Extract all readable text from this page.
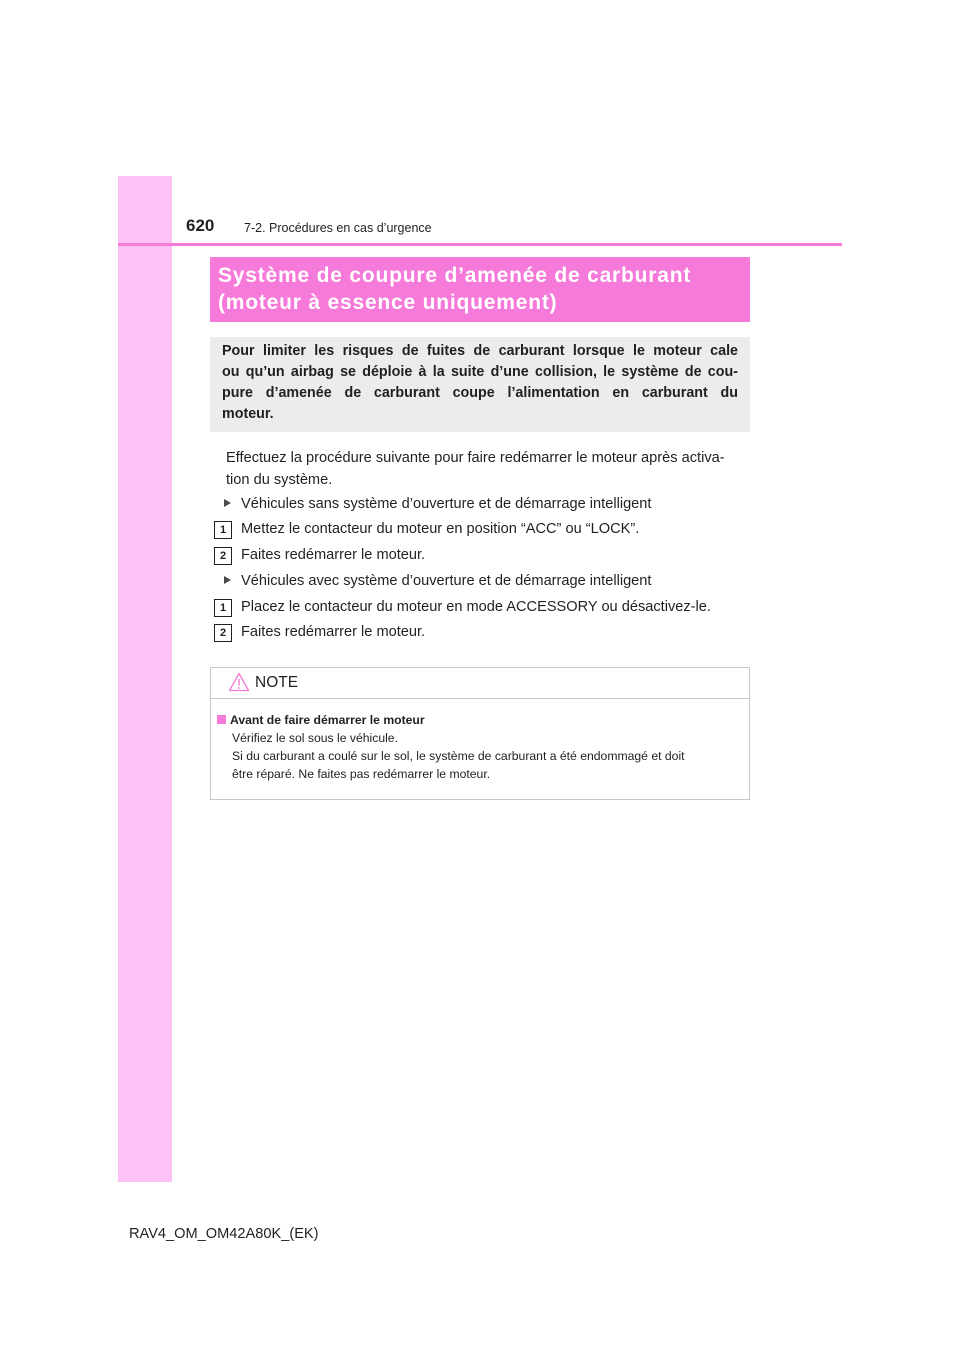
620 7-2. Procédures en cas d’urgence
Système de coupure d’amenée de carburant
(moteur à essence uniquement)
Pour limiter les risques de fuites de carburant lorsque le moteur cale
ou qu’un airbag se déploie à la suite d’une collision, le système de cou-
pure d’amenée de carburant coupe l’alimentation en carburant du
moteur.
Effectuez la procédure suivante pour faire redémarrer le moteur après activa-
tion du système.
Véhicules sans système d’ouverture et de démarrage intelligent
1 Mettez le contacteur du moteur en position “ACC” ou “LOCK”.
2 Faites redémarrer le moteur.
Véhicules avec système d’ouverture et de démarrage intelligent
1 Placez le contacteur du moteur en mode ACCESSORY ou désactivez-le.
2 Faites redémarrer le moteur.
NOTE
Avant de faire démarrer le moteur
Vérifiez le sol sous le véhicule.
Si du carburant a coulé sur le sol, le système de carburant a été endommagé et doit
être réparé. Ne faites pas redémarrer le moteur.
RAV4_OM_OM42A80K_(EK)
